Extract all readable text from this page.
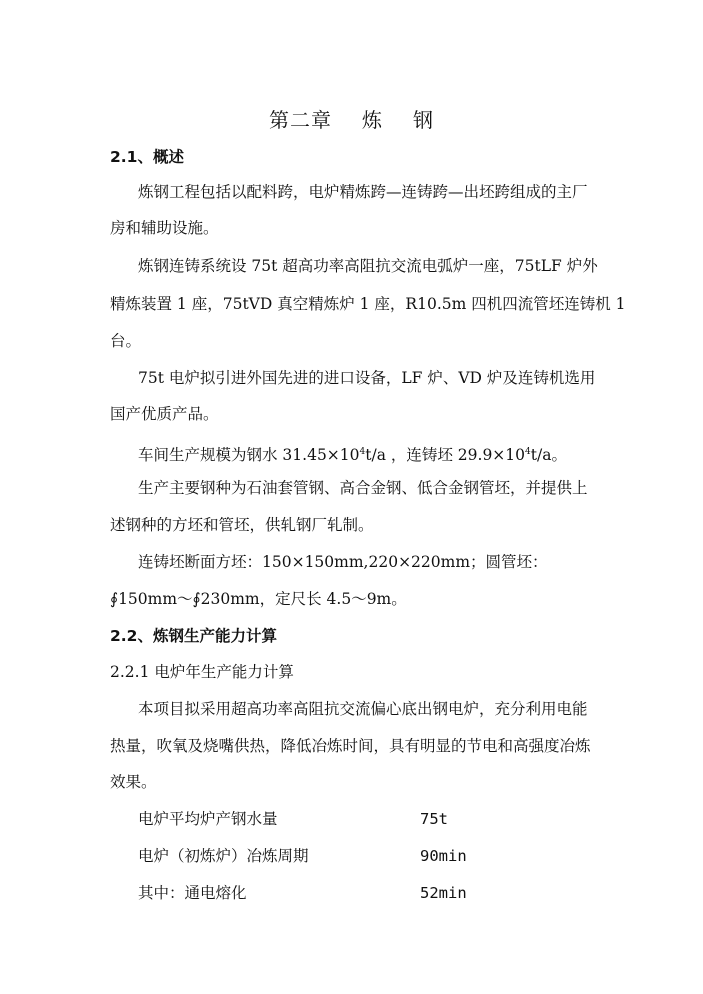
第二章 炼 钢
2.1、概述
炼钢工程包括以配料跨，电炉精炼跨—连铸跨—出坯跨组成的主厂
房和辅助设施。
炼钢连铸系统设 75t 超高功率高阻抗交流电弧炉一座，75tLF 炉外
精炼装置 1 座，75tVD 真空精炼炉 1 座，R10.5m 四机四流管坯连铸机 1
台。
75t 电炉拟引进外国先进的进口设备，LF 炉、VD 炉及连铸机选用
国产优质产品。
车间生产规模为钢水 $31.45\times 10^4t/a$ ，连铸坯 $29.9\times 10^4t/a$。
生产主要钢种为石油套管钢、高合金钢、低合金钢管坯，并提供上
述钢种的方坯和管坯，供轧钢厂轧制。
连铸坯断面方坯：150×150mm,220×220mm；圆管坯：
∮150mm～∮230mm，定尺长 4.5～9m。
2.2、炼钢生产能力计算
2.2.1 电炉年生产能力计算
本项目拟采用超高功率高阻抗交流偏心底出钢电炉，充分利用电能
热量，吹氧及烧嘴供热，降低冶炼时间，具有明显的节电和高强度冶炼
效果。
电炉平均炉产钢水量	75t
电炉（初炼炉）冶炼周期	90min
其中：通电熔化	52min
